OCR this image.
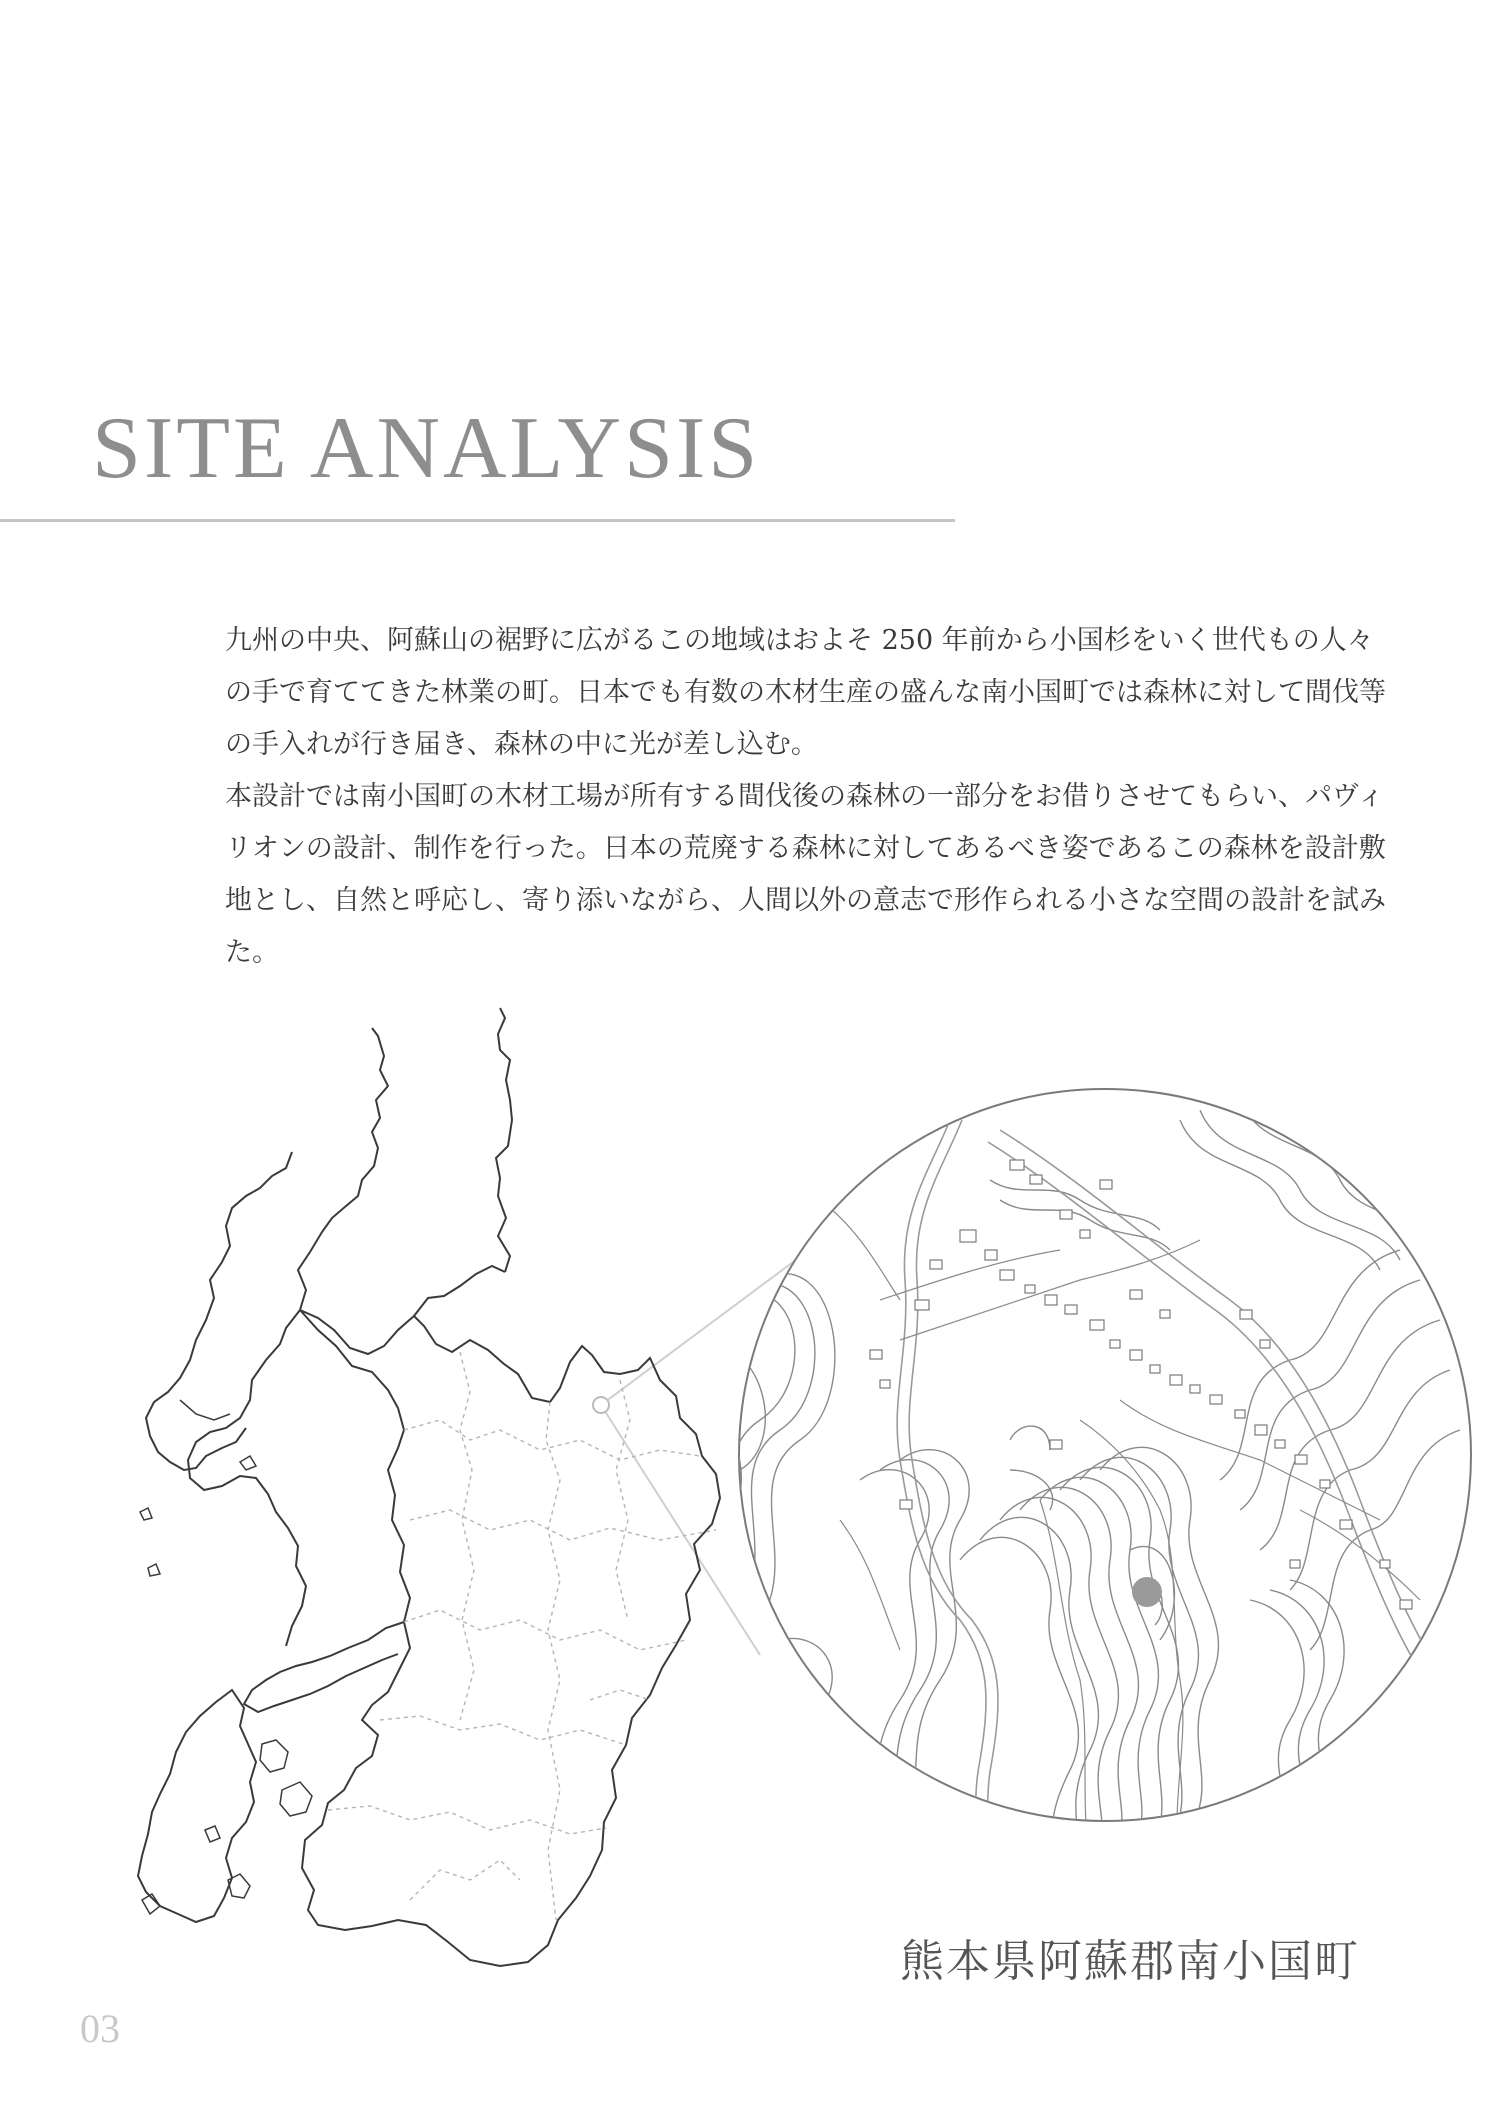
SITE ANALYSIS

九州の中央、阿蘇山の裾野に広がるこの地域はおよそ 250 年前から小国杉をいく世代もの人々の手で育ててきた林業の町。日本でも有数の木材生産の盛んな南小国町では森林に対して間伐等の手入れが行き届き、森林の中に光が差し込む。

本設計では南小国町の木材工場が所有する間伐後の森林の一部分をお借りさせてもらい、パヴィリオンの設計、制作を行った。日本の荒廃する森林に対してあるべき姿であるこの森林を設計敷地とし、自然と呼応し、寄り添いながら、人間以外の意志で形作られる小さな空間の設計を試みた。

熊本県阿蘇郡南小国町
03
